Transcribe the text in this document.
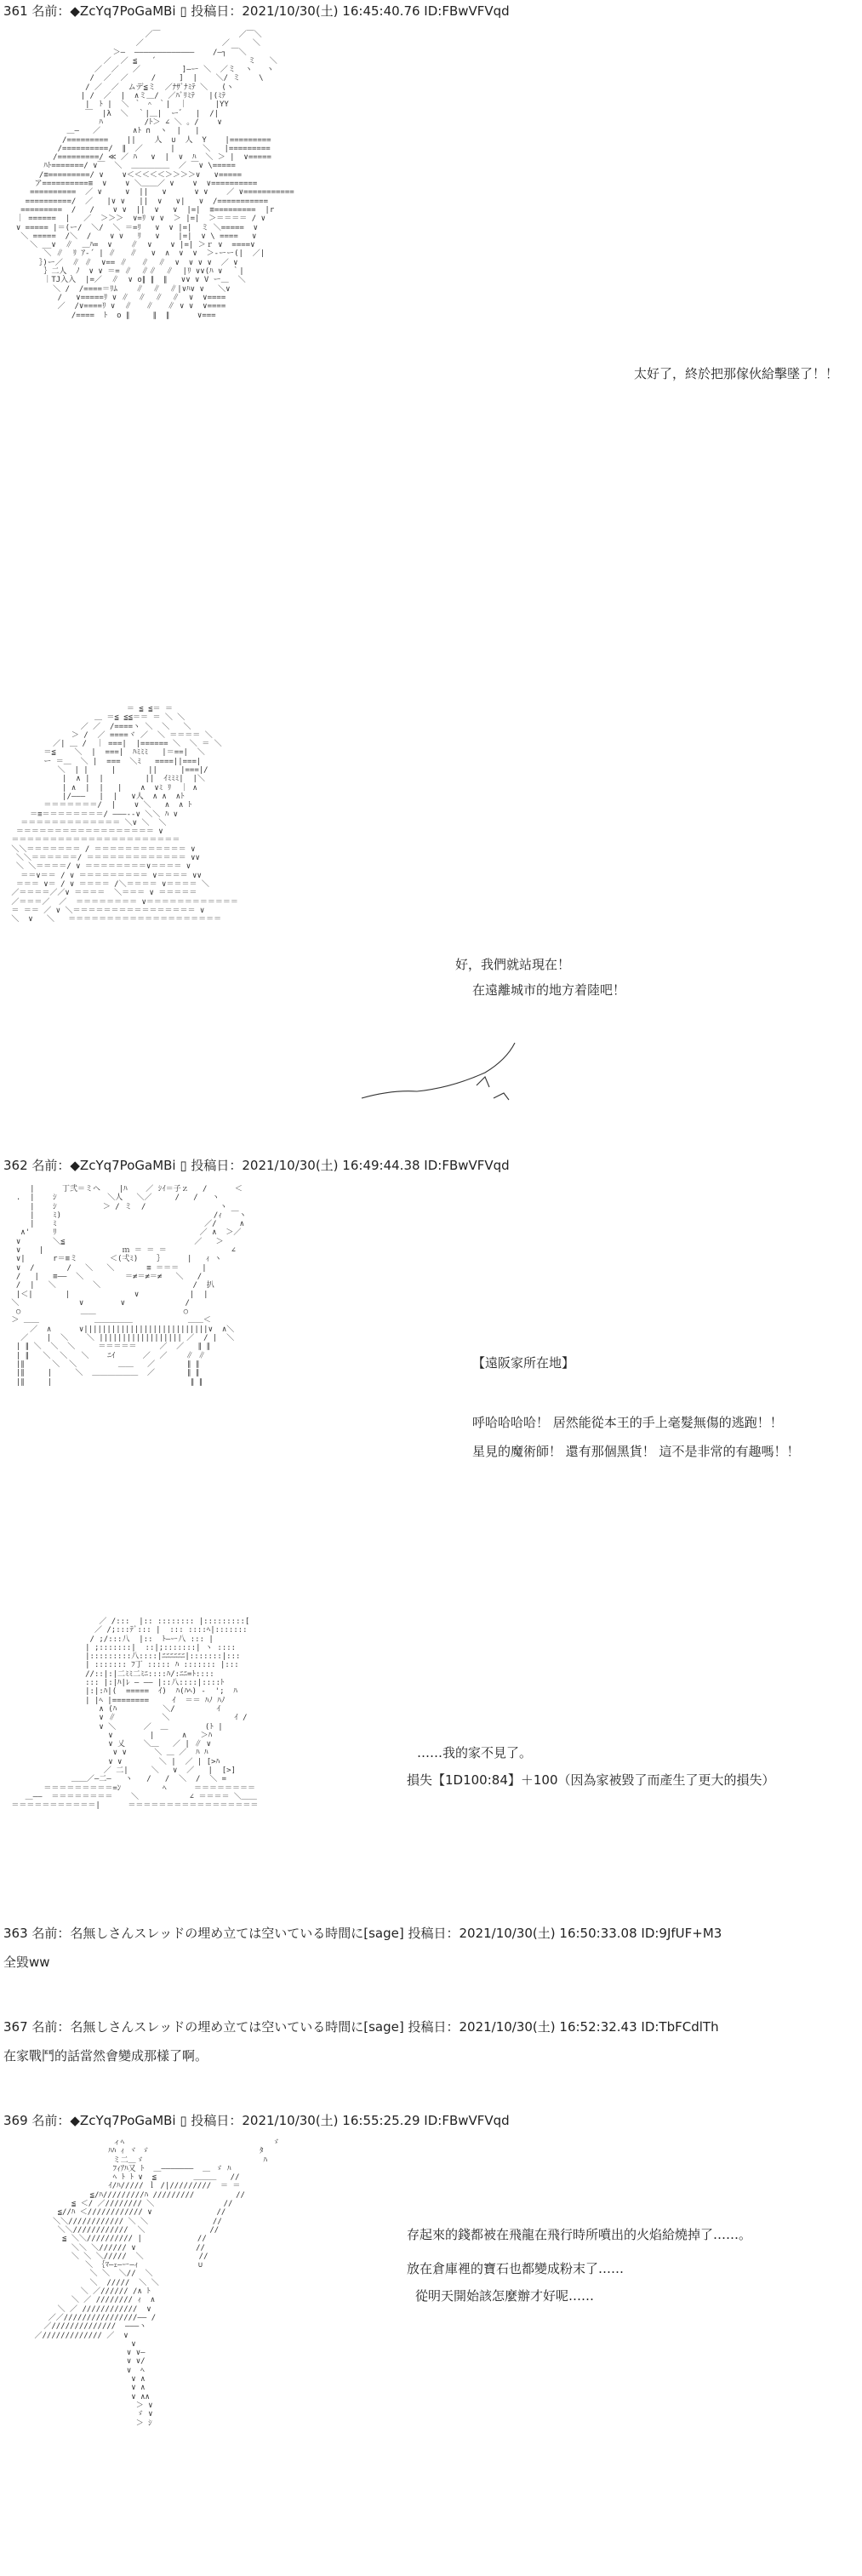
361 名前：◆ZcYq7PoGaMBi ▯ 投稿日：2021/10/30(土) 16:45:40.76 ID:FBwVFVqd
／￣                 ／￣＼
／                 ／     ＼
＞―  ―――――――――――――    /―┐ ￣＼
／  ／ ≦   ´                    ミ   ＼
／  ／   ／         ]―ー ＼  ／ミ  ヽ   ヽ
/  ／  ／     /     ]  |    ＼/ ミ    \
/ ／  ／  ムデ≦ミ  ／ﾅｻﾞﾅﾐﾃ ＼   (ヽ
| /  ／  |  ∧ミ＿/  ／ﾊﾞﾘﾐﾃ   |(ﾐﾃ
|  ﾄ |  ＼ ｀ ＾ ｀|  ｜      |YY
￣  |λ  ＼  ｀|＿|  ー゛  |  /|
ﾊ         /ﾄ＞ ∠ ＼ 。/    ∨
＿―   ／       ∧ﾄ ∩  ヽ  |   |
/=========    ||    人  ∪  人  Y    |=========
/==========/  ∥  ／      |      ＼   |=========
/=========/ ≪ ／ ﾊ   ∨  |  ∨  ﾊ  ＼ ＞ |  ∨=====
ﾊﾄ=======/ ∨￣  ＼  ＿＿＿＿＿  ／ ￣∨ \=====
/≡=========/ ∨    ∨＜＜＜＜＜＞＞＞＞∨   ∨=====
ア==========≡  ∨    ∨ ＼＿＿／ ∨    ∨  ∨==========
==========  ／ ∨     ∨  ||   ∨      ∨ ∨    ／ ∨===========
==========/  ／   |∨ ∨   ||  ∨   ∨|   ∨  /===========
=========  /   /    ∨ ∨  ||  ∨   ∨  |=|  ≡=========  |r
｜ ======  |   ／  ＞＞＞  ∨=ﾘ ∨ ∨  ＞ |=|  ＞＝＝＝＝ / ∨
∨ ===== |＝(ー/  ＼/  ＼ ＝=ﾘ   ∨  ∨ |=|  ミ ＼=====  ∨
＼ =====  /＼  /    ∨ ∨   ﾘ   ∨    |=|  ∨ \ ====   ∨
＼ __∨  ∥  ＿ﾊ=  ∨    ∥  ∨    ∨ |=| ＞ｒ ∨  ====∨
＼ ∥  ﾘ ｱ-´ | ∥   ∥   ∨  ∧  ∨  ∨  ＞-ーー(|  ／|
｝)ー／  ∥ ∥  ∨== ∥   ∥  ∥  ∨  ∨ ∨ ∨  ／ ∨
｝二人  ﾉ  ∨ ∨ ＝= ∥  ∥∥  ∥  |ﾘ ∨∨(ﾊ ∨  ｀|
｜TJ入入  |=／  ∥  ∨ o∥ ∥  ∥   ∨∨ ∨ V ー＿  ＼
＼ /  /====＝ﾘﾑ    ∥  ∥  ∥|∨ﾊ∨ ∨   ＼∨
/   ∨=====ﾘ ∨ ∥  ∥  ∥  ∥  ∨  ∨====
／  /∨====ﾘ ∨  ∥   ∥   ∥ ∨ ∨  ∨====
/====  ﾄ  o ∥     ∥  ∥      ∨===
太好了，終於把那傢伙給擊墜了！！
＝ ≦ ≦＝ ＝
＿ ＝≦ ≦≦＝＝ ＝ ＼ ＼
／ ／  /====ヽ ＼  ＼   ＼
＞ /  ／ ====ヾ ／  ＼ ＝＝＝＝ ＼
／| ＿ /  ｜ ===|  |====== ＼  ＼ ＝ ＼
＝≦    ＼  |  ===|  ﾊﾐﾐﾐ   |＝==|  ＼
ー ＝＿  ＼ |  ===  ＼ﾐ   ====||===|
＼  | |     |       ||     |===|/
|  ∧ |  |         ||  ｲﾐﾐﾐ|  |＼
| ∧  |  |   |    ∧  ∨ﾐ ﾘ  ｜ ∧
|/―――   |  |   ∨人  ∧ ∧  ∧ﾄ
＝＝＝＝＝＝＝/  |    ∨ ＼   ∧  ∧ ﾄ
＝≡＝＝＝＝＝＝＝＝/ ―――‐‐∨ ＼＼ ﾊ ∨
＝＝＝＝＝＝＝＝＝＝＝＝＝ ＼∨ ＼  ＼
＝＝＝＝＝＝＝＝＝＝＝＝＝＝＝＝＝＝ ∨
＝＝＝＝＝＝＝＝＝＝＝＝＝＝＝＝＝＝＝＝＝＝
＼＼＝＝＝＝＝＝＝ / ＝＝＝＝＝＝＝＝＝＝＝＝ ∨
＼＼＝＝＝＝＝＝/ ＝＝＝＝＝＝＝＝＝＝＝＝＝ ∨∨
＼ ＼＝＝＝＝/ ∨ ＝＝＝＝＝＝＝＝∨＝＝＝＝ ∨
＝＝∨＝＝ / ∨ ＝＝＝＝＝＝＝＝＝ ∨＝＝＝＝ ∨∨
＝＝＝ ∨＝ / ∨ ＝＝＝＝ /＼＝＝＝＝ ∨＝＝＝＝ ＼
／＝＝＝＝／／∨ ＝＝＝＝  ＼＝＝＝ ∨ ＝＝＝＝＝
／＝＝＝／  ／  ＝＝＝＝＝＝＝＝ ∨＝＝＝＝＝＝＝＝＝＝＝＝
＝ ＝＝ ／ ∨ ＼＝＝＝＝＝＝＝＝＝＝＝＝＝＝＝＝ ∨
＼  ∨   ＼   ＝＝＝＝＝＝＝＝＝＝＝＝＝＝＝＝＝＝＝＝
好，我們就站現在！
在遠離城市的地方着陸吧！
362 名前：◆ZcYq7PoGaMBi ▯ 投稿日：2021/10/30(土) 16:49:44.38 ID:FBwVFVqd
|      丁弐＝ミヘ    |ﾊ    ／ ｼｲ＝子ｚ   /      ＜
.  |    ｼ           ＼人   ＼／     /   /   ヽ
|    ｼ          ＞ / ミ  /                ヽ
|    ﾐ)                                 /ｨ  ￣ヽ
|    ﾐ                                ／/     ∧
∧'     ﾘ                               ／ ∧  ＞／
∨       ＼≦                            ／   ＞
∨    |                 ｍ ＝ ＝ ＝              ∠
∨|      r＝≡ミ       ＜(弌ﾐ)    ｝     |   ｨ ヽ
∨  /       /   ＼   ＼       ≡ ＝＝＝     |
/   |   ≡――  ＼         ＝≠＝≠＝≠   ＼   /
/  |   ＼        ＼                    /  扒
|＜|       |              ∨           |  |
＼             ∨        ∨             /
○             ＿＿                   ○
＞ ＿＿            ＿＿＿＿＿            ＿＿＜
／  ∧      ∨|||||||||||||||||||||||||||∨  ∧＼
／    |  ＼    ＼ |||||||||||||||||| ／  / |  ＼
| ∥ ＼  ＼  ＼     ＝＝＝＝＝     ／  ／   ∥ ∥
| ∥   ＼  ＼   ＼    ﾆｲ      ／  ／    ∥ ∥
|∥      ＼  ＼         ＿＿   ／       ∥ ∥
|∥     |     ＼  ＿＿＿＿＿＿  ／       ∥ ∥
|∥     |                              ∥ ∥
【遠阪家所在地】
呼哈哈哈哈！ 居然能從本王的手上毫髮無傷的逃跑！！
星見的魔術師！ 還有那個黑貨！ 這不是非常的有趣嗎！！
／ /:::  |:: :::::::: |:::::::::[
／ /;:::ﾃﾞ::: |  ::: ::::ﾍ|:::::::
/ ;/:::八  |::  ﾄ―ー八 ::: |
| ;:::::::|  ::|;:::::::| ヽ ::::
|:::::::::八::::|ﾆﾆﾆﾆﾆﾆ|:::::::|:::
| ::::::: ﾌ丁 ::::: ﾊ ::::::: |:::
//::|:|二ﾐﾐ二ﾐﾆ::::ﾊ/:ﾆﾆ=ﾄ::::
::: |:|ﾊ|ﾚ ― ―― |::八::::|::::ﾄ
|:|:ﾊ|(  =====  ｲ)  ﾊ(ﾊﾍ) -  ';  ﾊ
| |ﾍ |========     ｲ  ＝＝ ﾊﾉ ﾊﾉ
∧ (ﾊ          ＼/         ｲ
∨ ∥          ＼              ｲ /
∨ ＼      ／  ＿        (ﾄ |
∨        |      ∧   ＞ﾊ
∨ 乂    ＼＿   ／ | ∥ ∨
∨ ∨      ＼ ＿ ／  ﾊ ﾊ
∨ ∨        ＼ |  ／ | [>ﾊ
／ 二|     ＼   ∨  ／   |  [>]
＿＿／―二―   ヽ   /   /  ＼  /  ＼ =
＝＝＝＝＝＝＝＝＝=ﾝ         ﾍ      ＝＝＝＝＝＝＝＝
＿――  ＝＝＝＝＝＝＝＝    ＼           ∠ ＝＝＝＝ ＼＿＿
＝＝＝＝＝＝＝＝＝＝＝|      ＝＝＝＝＝＝＝＝＝＝＝＝＝＝＝＝＝
……我的家不見了。
損失【1D100:84】＋100（因為家被毀了而產生了更大的損失）
363 名前：名無しさんスレッドの埋め立ては空いている時間に[sage] 投稿日：2021/10/30(土) 16:50:33.08 ID:9JfUF+M3
全毀ww
367 名前：名無しさんスレッドの埋め立ては空いている時間に[sage] 投稿日：2021/10/30(土) 16:52:32.43 ID:TbFCdlTh
在家戰鬥的話當然會變成那樣了啊。
369 名前：◆ZcYq7PoGaMBi ▯ 投稿日：2021/10/30(土) 16:55:25.29 ID:FBwVFVqd
ィﾍ                                ゞ
ﾊﾊ ｨ ヾ ゞ                        ﾀ
ミ二＿ゞ                          ﾊ
ﾌｨｱﾊ又 ﾄ  ＿―――――――  ＿ ゞ ﾊ
ﾍ ﾄ ﾄ ∨  ≦        ＿＿＿   //
ｲ/ﾊ///// ｌ /|/////////  ＝ ＝
≦/ﾊ/////////ﾊ /////////         //
≦ ＜/ ／//////// ＼               //
≦//ﾊ ＜//////////// ∨              //
＼＼//////////// ＼ ＼              //
＼＼////////////  ＼              //
≦ ＼＼////////// |            //
＼＼ ＼////// ∨             //
＼ ＼ ＼/////  ＼            //
＼ ｛ﾏ―ｪ―ー―ｨ             ∪
＼ ＼  ＼//  ＼
＼  /////  ＼ ＼
＼ ／////// /∧ ﾄ
＼ ／ //////// ｨ  ∧
＼ ／ ////////////  ∨
／／////////////////―― /
／//////////////  ―――ヽ
／///////////// ／  ∨
∨
∨ ∨―
∨ ∨/
∨  ﾍ
∨ ∧
∨ ∧
∨ ∧∧
＞ ∨
ゞ ∨
＞ ｼ
存起來的錢都被在飛龍在飛行時所噴出的火焰給燒掉了……。
放在倉庫裡的寶石也都變成粉末了……
從明天開始該怎麼辦才好呢……
